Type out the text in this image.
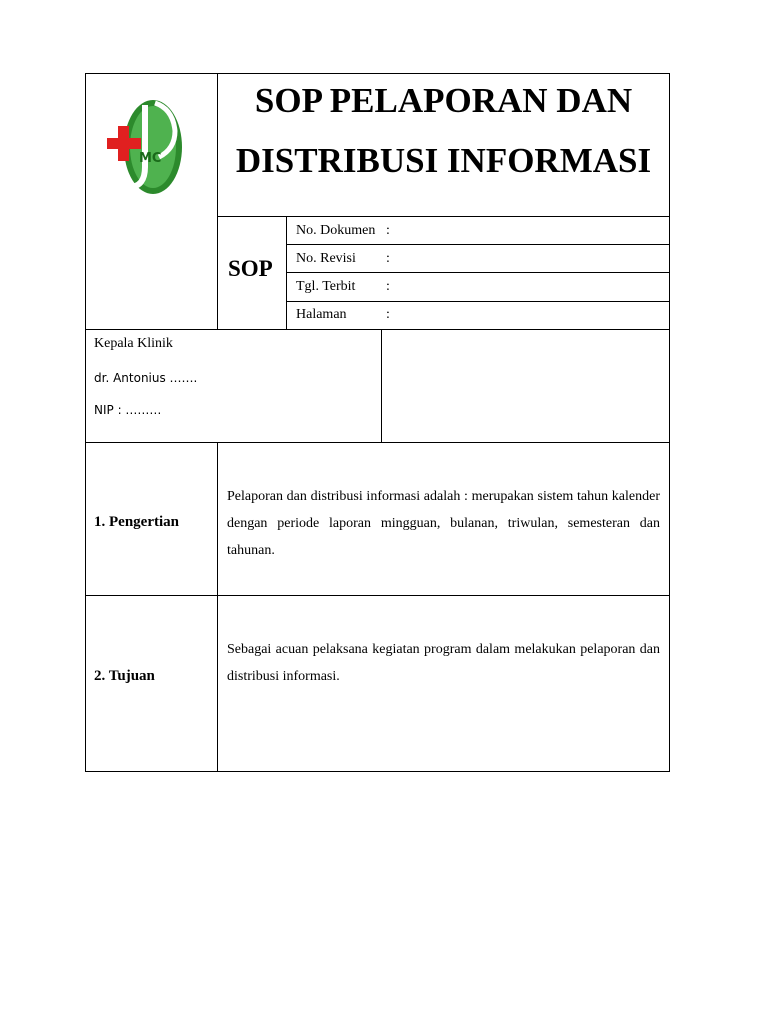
MC
SOP PELAPORAN DAN
DISTRIBUSI INFORMASI
SOP
No. Dokumen :
No. Revisi :
Tgl. Terbit :
Halaman	:
Kepala Klinik
dr. Antonius …….
NIP : ………
1. Pengertian
Pelaporan dan distribusi informasi adalah : merupakan sistem tahun kalender dengan periode laporan mingguan, bulanan, triwulan, semesteran dan tahunan.
2. Tujuan
Sebagai acuan pelaksana kegiatan program dalam melakukan pelaporan dan distribusi informasi.
